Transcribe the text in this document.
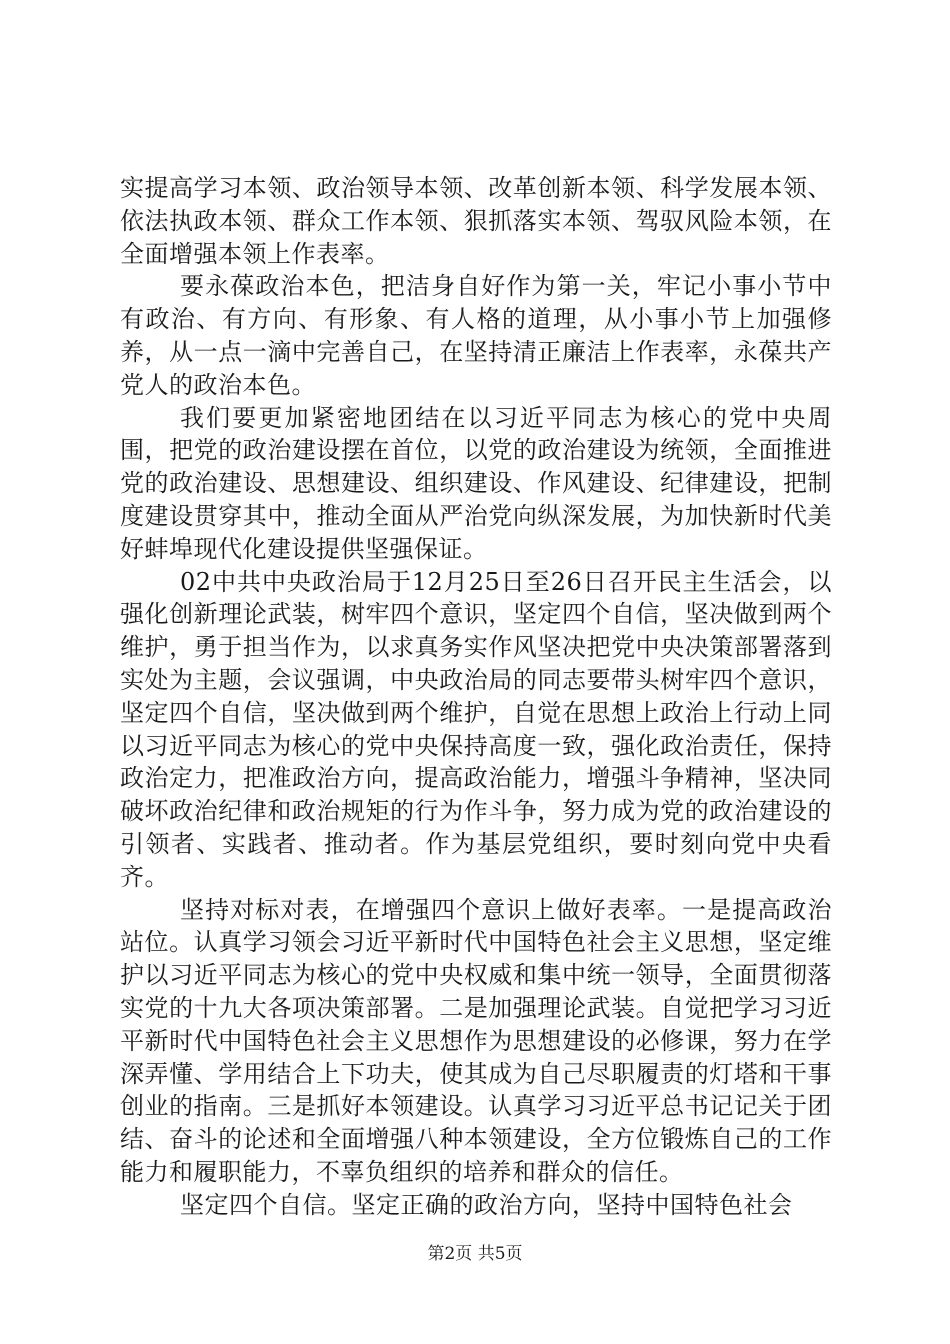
实提高学习本领、政治领导本领、改革创新本领、科学发展本领、依法执政本领、群众工作本领、狠抓落实本领、驾驭风险本领，在全面增强本领上作表率。

要永葆政治本色，把洁身自好作为第一关，牢记小事小节中有政治、有方向、有形象、有人格的道理，从小事小节上加强修养，从一点一滴中完善自己，在坚持清正廉洁上作表率，永葆共产党人的政治本色。

我们要更加紧密地团结在以习近平同志为核心的党中央周围，把党的政治建设摆在首位，以党的政治建设为统领，全面推进党的政治建设、思想建设、组织建设、作风建设、纪律建设，把制度建设贯穿其中，推动全面从严治党向纵深发展，为加快新时代美好蚌埠现代化建设提供坚强保证。

02中共中央政治局于12月25日至26日召开民主生活会，以强化创新理论武装，树牢四个意识，坚定四个自信，坚决做到两个维护，勇于担当作为，以求真务实作风坚决把党中央决策部署落到实处为主题，会议强调，中央政治局的同志要带头树牢四个意识，坚定四个自信，坚决做到两个维护，自觉在思想上政治上行动上同以习近平同志为核心的党中央保持高度一致，强化政治责任，保持政治定力，把准政治方向，提高政治能力，增强斗争精神，坚决同破坏政治纪律和政治规矩的行为作斗争，努力成为党的政治建设的引领者、实践者、推动者。作为基层党组织，要时刻向党中央看齐。

坚持对标对表，在增强四个意识上做好表率。一是提高政治站位。认真学习领会习近平新时代中国特色社会主义思想，坚定维护以习近平同志为核心的党中央权威和集中统一领导，全面贯彻落实党的十九大各项决策部署。二是加强理论武装。自觉把学习习近平新时代中国特色社会主义思想作为思想建设的必修课，努力在学深弄懂、学用结合上下功夫，使其成为自己尽职履责的灯塔和干事创业的指南。三是抓好本领建设。认真学习习近平总书记记关于团结、奋斗的论述和全面增强八种本领建设，全方位锻炼自己的工作能力和履职能力，不辜负组织的培养和群众的信任。

坚定四个自信。坚定正确的政治方向，坚持中国特色社会

第2页 共5页
